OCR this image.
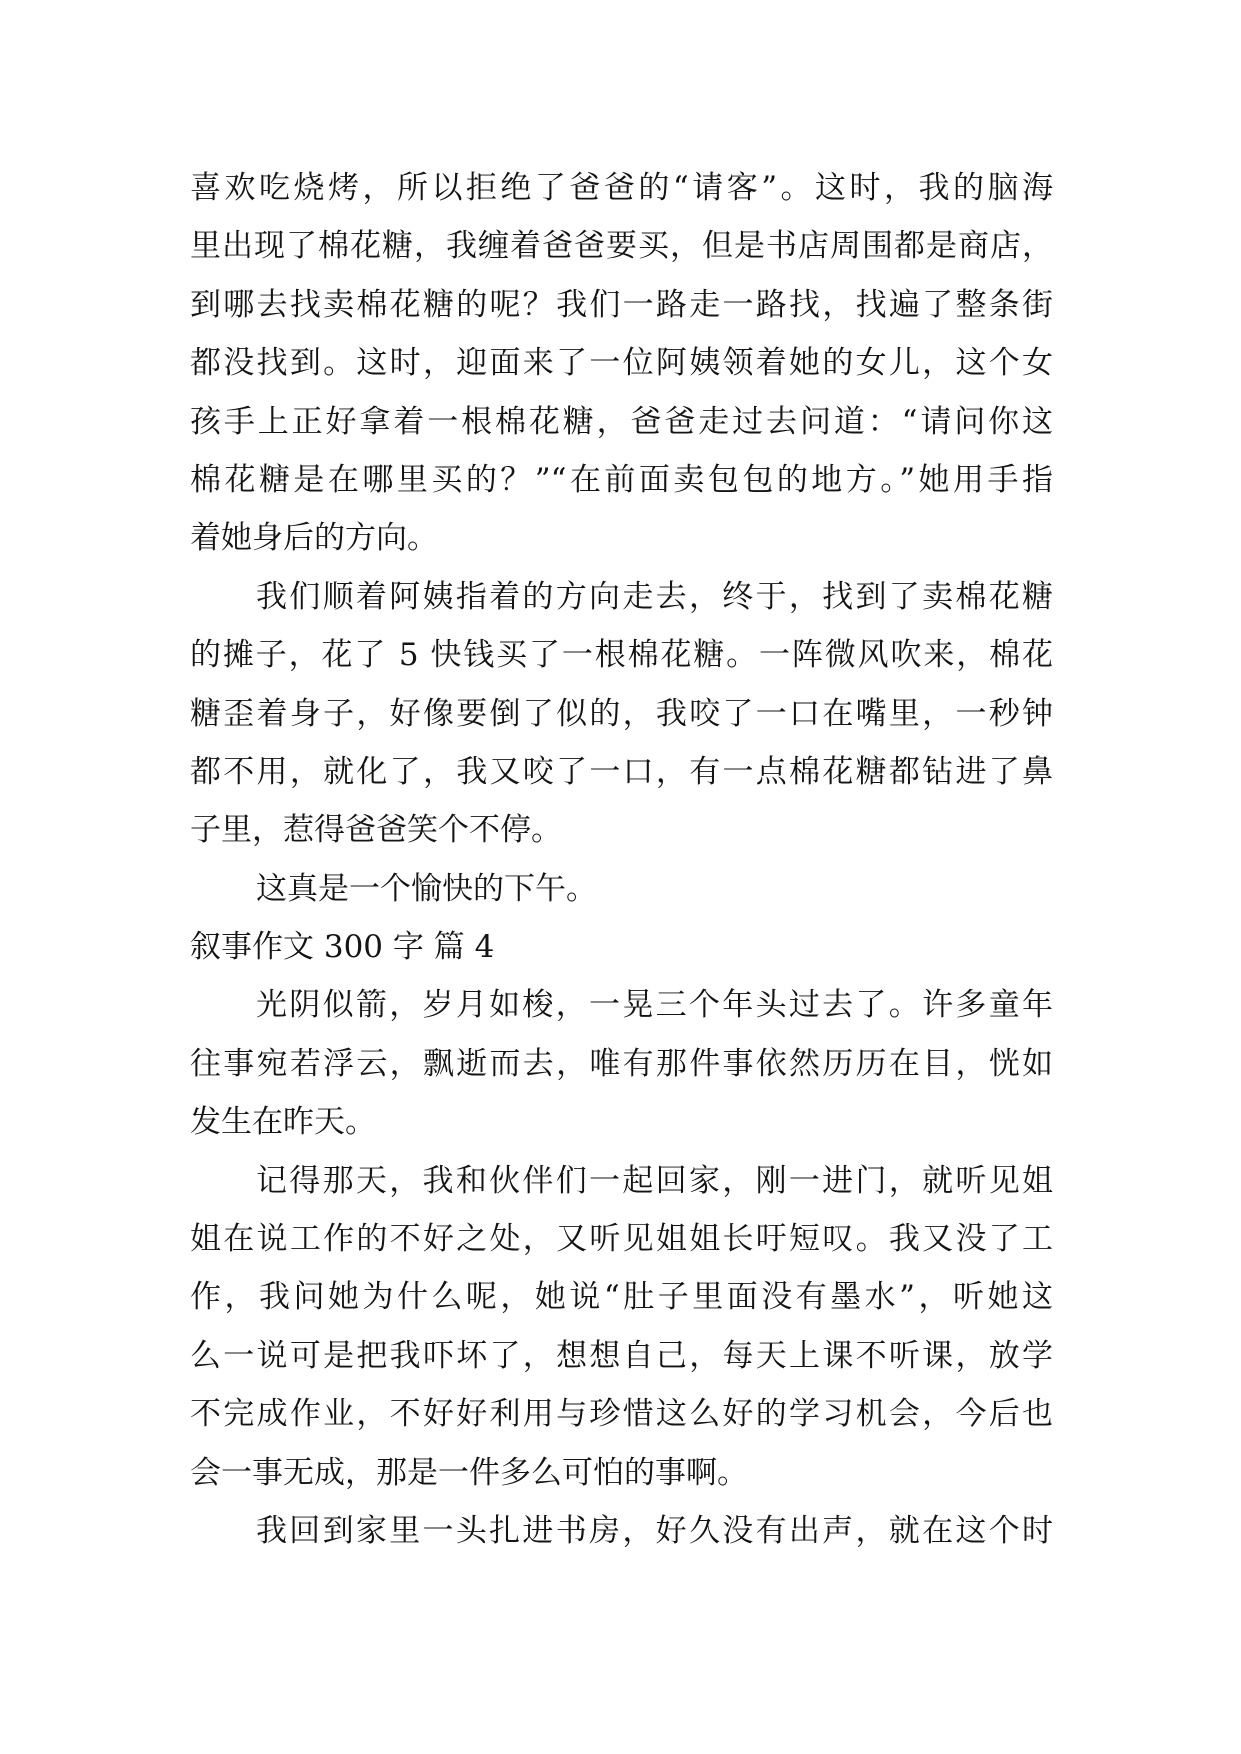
喜欢吃烧烤，所以拒绝了爸爸的“请客”。这时，我的脑海
里出现了棉花糖，我缠着爸爸要买，但是书店周围都是商店，
到哪去找卖棉花糖的呢？我们一路走一路找，找遍了整条街
都没找到。这时，迎面来了一位阿姨领着她的女儿，这个女
孩手上正好拿着一根棉花糖，爸爸走过去问道：“请问你这
棉花糖是在哪里买的？”“在前面卖包包的地方。”她用手指
着她身后的方向。
我们顺着阿姨指着的方向走去，终于，找到了卖棉花糖
的摊子，花了 5 快钱买了一根棉花糖。一阵微风吹来，棉花
糖歪着身子，好像要倒了似的，我咬了一口在嘴里，一秒钟
都不用，就化了，我又咬了一口，有一点棉花糖都钻进了鼻
子里，惹得爸爸笑个不停。
这真是一个愉快的下午。
叙事作文 300 字 篇 4
光阴似箭，岁月如梭，一晃三个年头过去了。许多童年
往事宛若浮云，飘逝而去，唯有那件事依然历历在目，恍如
发生在昨天。
记得那天，我和伙伴们一起回家，刚一进门，就听见姐
姐在说工作的不好之处，又听见姐姐长吁短叹。我又没了工
作，我问她为什么呢，她说“肚子里面没有墨水”，听她这
么一说可是把我吓坏了，想想自己，每天上课不听课，放学
不完成作业，不好好利用与珍惜这么好的学习机会，今后也
会一事无成，那是一件多么可怕的事啊。
我回到家里一头扎进书房，好久没有出声，就在这个时
